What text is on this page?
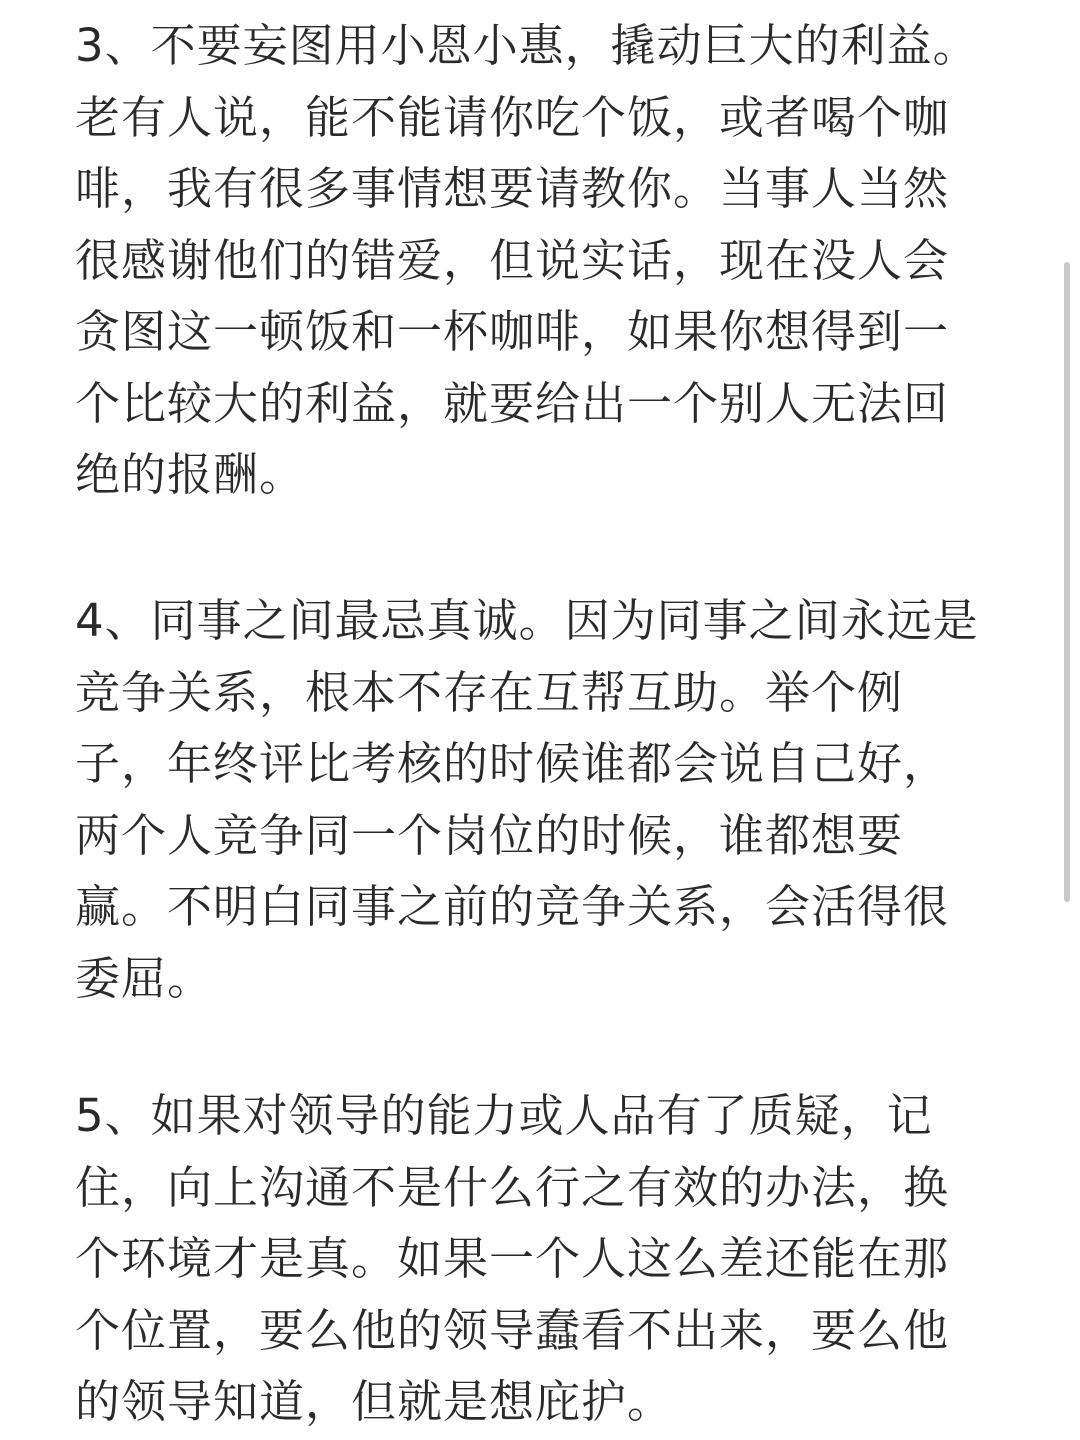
3、不要妄图用小恩小惠，撬动巨大的利益。
老有人说，能不能请你吃个饭，或者喝个咖
啡，我有很多事情想要请教你。当事人当然
很感谢他们的错爱，但说实话，现在没人会
贪图这一顿饭和一杯咖啡，如果你想得到一
个比较大的利益，就要给出一个别人无法回
绝的报酬。
4、同事之间最忌真诚。因为同事之间永远是
竞争关系，根本不存在互帮互助。举个例
子，年终评比考核的时候谁都会说自己好，
两个人竞争同一个岗位的时候，谁都想要
赢。不明白同事之前的竞争关系，会活得很
委屈。
5、如果对领导的能力或人品有了质疑，记
住，向上沟通不是什么行之有效的办法，换
个环境才是真。如果一个人这么差还能在那
个位置，要么他的领导蠢看不出来，要么他
的领导知道，但就是想庇护。
